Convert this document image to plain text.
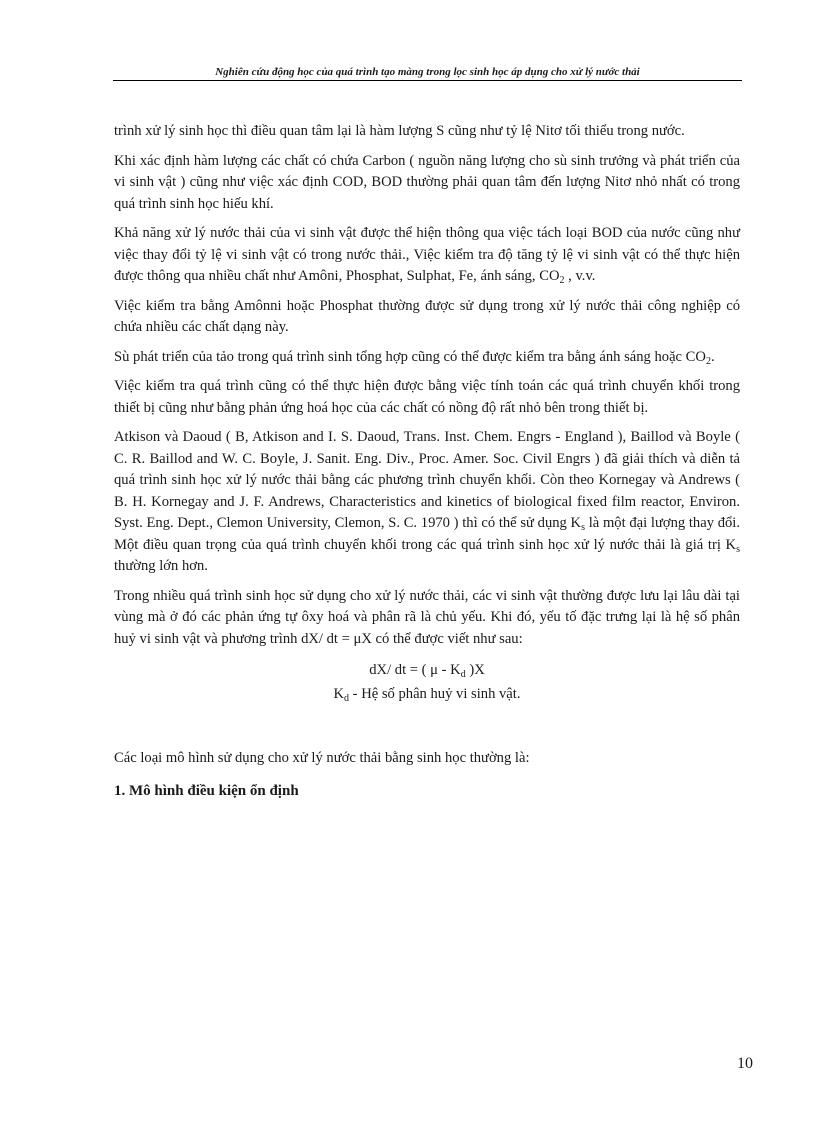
Nghiên cứu động học của quá trình tạo màng trong lọc sinh học áp dụng cho xử lý nước thải

trình xử lý sinh học thì điều quan tâm lại là hàm lượng S cũng như tỷ lệ Nitơ tối thiểu trong nước.

Khi xác định hàm lượng các chất có chứa Carbon ( nguồn năng lượng cho sù sinh trưởng và phát triển của vi sinh vật ) cũng như việc xác định COD, BOD thường phải quan tâm đến lượng Nitơ nhỏ nhất có trong quá trình sinh học hiếu khí.

Khả năng xử lý nước thải của vi sinh vật được thể hiện thông qua việc tách loại BOD của nước cũng như việc thay đổi tỷ lệ vi sinh vật có trong nước thải., Việc kiểm tra độ tăng tỷ lệ vi sinh vật có thể thực hiện được thông qua nhiều chất như Amôni, Phosphat, Sulphat, Fe, ánh sáng, $CO_2$ , v.v.

Việc kiểm tra bằng Amônni hoặc Phosphat thường được sử dụng trong xử lý nước thải công nghiệp có chứa nhiều các chất dạng này.

Sù phát triển của tảo trong quá trình sinh tổng hợp cũng có thể được kiểm tra bằng ánh sáng hoặc $CO_2$.

Việc kiểm tra quá trình cũng có thể thực hiện được bằng việc tính toán các quá trình chuyển khối trong thiết bị cũng như bằng phản ứng hoá học của các chất có nồng độ rất nhỏ bên trong thiết bị.

Atkison và Daoud ( B, Atkison and I. S. Daoud, Trans. Inst. Chem. Engrs - England ), Baillod và Boyle ( C. R. Baillod and W. C. Boyle, J. Sanit. Eng. Div., Proc. Amer. Soc. Civil Engrs ) đã giải thích và diễn tả quá trình sinh học xử lý nước thải bằng các phương trình chuyển khối. Còn theo Kornegay và Andrews ( B. H. Kornegay and J. F. Andrews, Characteristics and kinetics of biological fixed film reactor, Environ. Syst. Eng. Dept., Clemon University, Clemon, S. C. 1970 ) thì có thể sử dụng $K_s$ là một đại lượng thay đổi. Một điều quan trọng của quá trình chuyển khối trong các quá trình sinh học xử lý nước thải là giá trị $K_s$ thường lớn hơn.

Trong nhiều quá trình sinh học sử dụng cho xử lý nước thải, các vi sinh vật thường được lưu lại lâu dài tại vùng mà ở đó các phản ứng tự ôxy hoá và phân rã là chủ yếu. Khi đó, yếu tố đặc trưng lại là hệ số phân huỷ vi sinh vật và phương trình dX/ dt = μX có thể được viết như sau:

dX/ dt = ( μ - $K_d$ )X

$K_d$ - Hệ số phân huỷ vi sinh vật.

Các loại mô hình sử dụng cho xử lý nước thải bằng sinh học thường là:

1. Mô hình điều kiện ổn định

10
